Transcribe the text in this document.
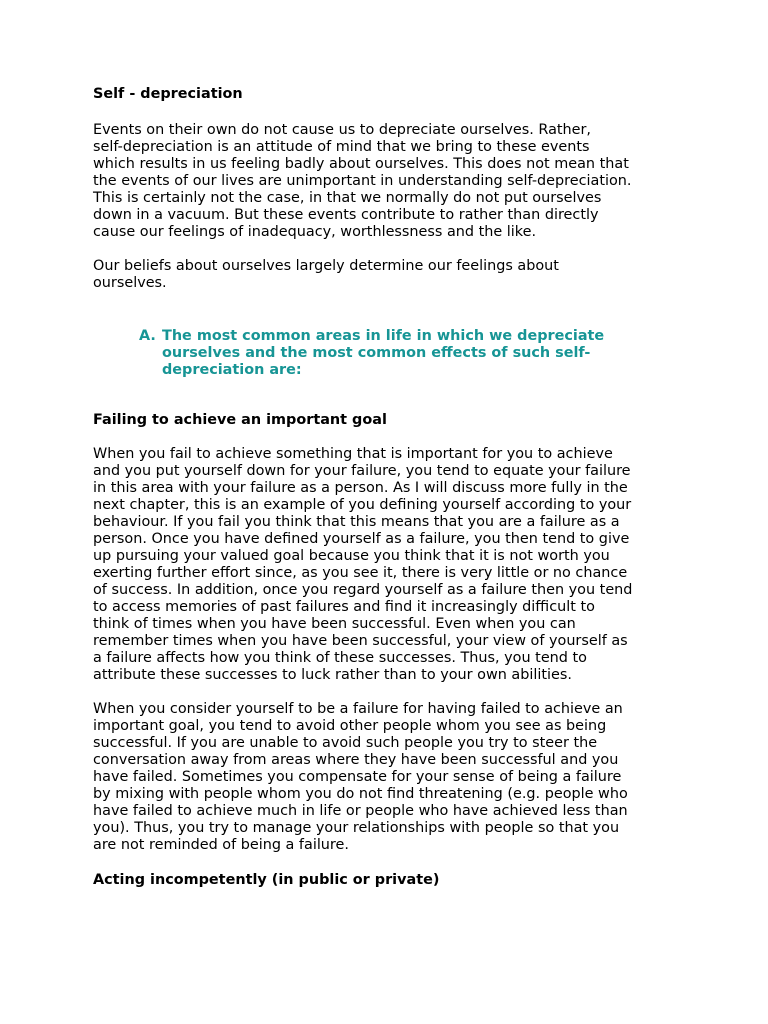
Self - depreciation

Events on their own do not cause us to depreciate ourselves. Rather,
self-depreciation is an attitude of mind that we bring to these events
which results in us feeling badly about ourselves. This does not mean that
the events of our lives are unimportant in understanding self-depreciation.
This is certainly not the case, in that we normally do not put ourselves
down in a vacuum. But these events contribute to rather than directly
cause our feelings of inadequacy, worthlessness and the like.

Our beliefs about ourselves largely determine our feelings about
ourselves.

A. The most common areas in life in which we depreciate
ourselves and the most common effects of such self-
depreciation are:

Failing to achieve an important goal

When you fail to achieve something that is important for you to achieve
and you put yourself down for your failure, you tend to equate your failure
in this area with your failure as a person. As I will discuss more fully in the
next chapter, this is an example of you defining yourself according to your
behaviour. If you fail you think that this means that you are a failure as a
person. Once you have defined yourself as a failure, you then tend to give
up pursuing your valued goal because you think that it is not worth you
exerting further effort since, as you see it, there is very little or no chance
of success. In addition, once you regard yourself as a failure then you tend
to access memories of past failures and find it increasingly difficult to
think of times when you have been successful. Even when you can
remember times when you have been successful, your view of yourself as
a failure affects how you think of these successes. Thus, you tend to
attribute these successes to luck rather than to your own abilities.

When you consider yourself to be a failure for having failed to achieve an
important goal, you tend to avoid other people whom you see as being
successful. If you are unable to avoid such people you try to steer the
conversation away from areas where they have been successful and you
have failed. Sometimes you compensate for your sense of being a failure
by mixing with people whom you do not find threatening (e.g. people who
have failed to achieve much in life or people who have achieved less than
you). Thus, you try to manage your relationships with people so that you
are not reminded of being a failure.

Acting incompetently (in public or private)
